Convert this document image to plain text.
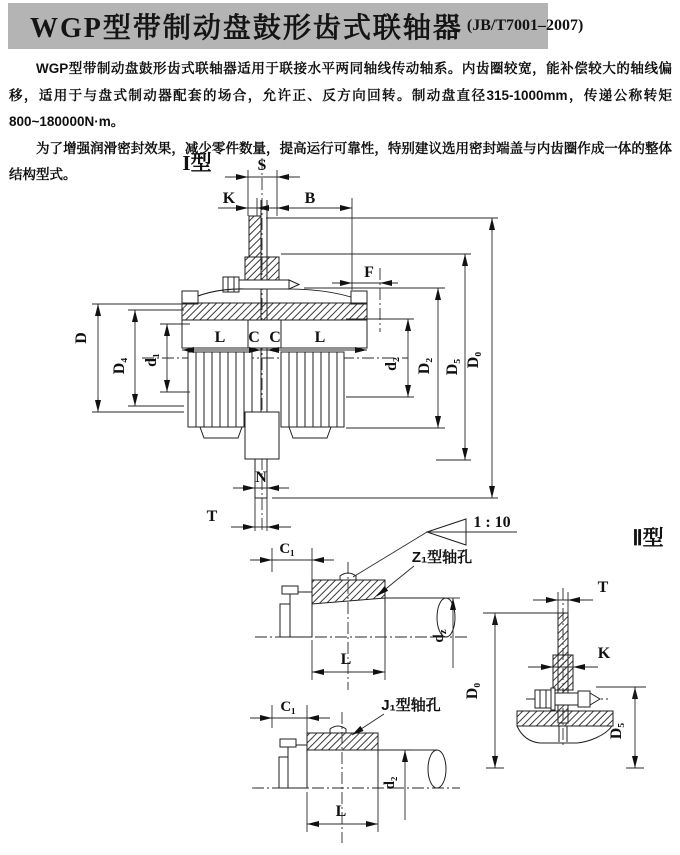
WGP型带制动盘鼓形齿式联轴器 (JB/T7001–2007)

WGP型带制动盘鼓形齿式联轴器适用于联接水平两同轴线传动轴系。内齿圈较宽，能补偿较大的轴线偏移，适用于与盘式制动器配套的场合，允许正、反方向回转。制动盘直径315-1000mm，传递公称转矩800~180000N·m。

为了增强润滑密封效果，减少零件数量，提高运行可靠性，特别建议选用密封端盖与内齿圈作成一体的整体结构型式。	I型	S
K	B
F
L C C L
D
D₄ d₁	d₂ D₂ D₅ D₀
N
T	1 : 10
C₁
L
$d_z$
Z₁型轴孔
C₁
L
d₂
J₁型轴孔
Ⅱ型
T
K
D₀
D₅
